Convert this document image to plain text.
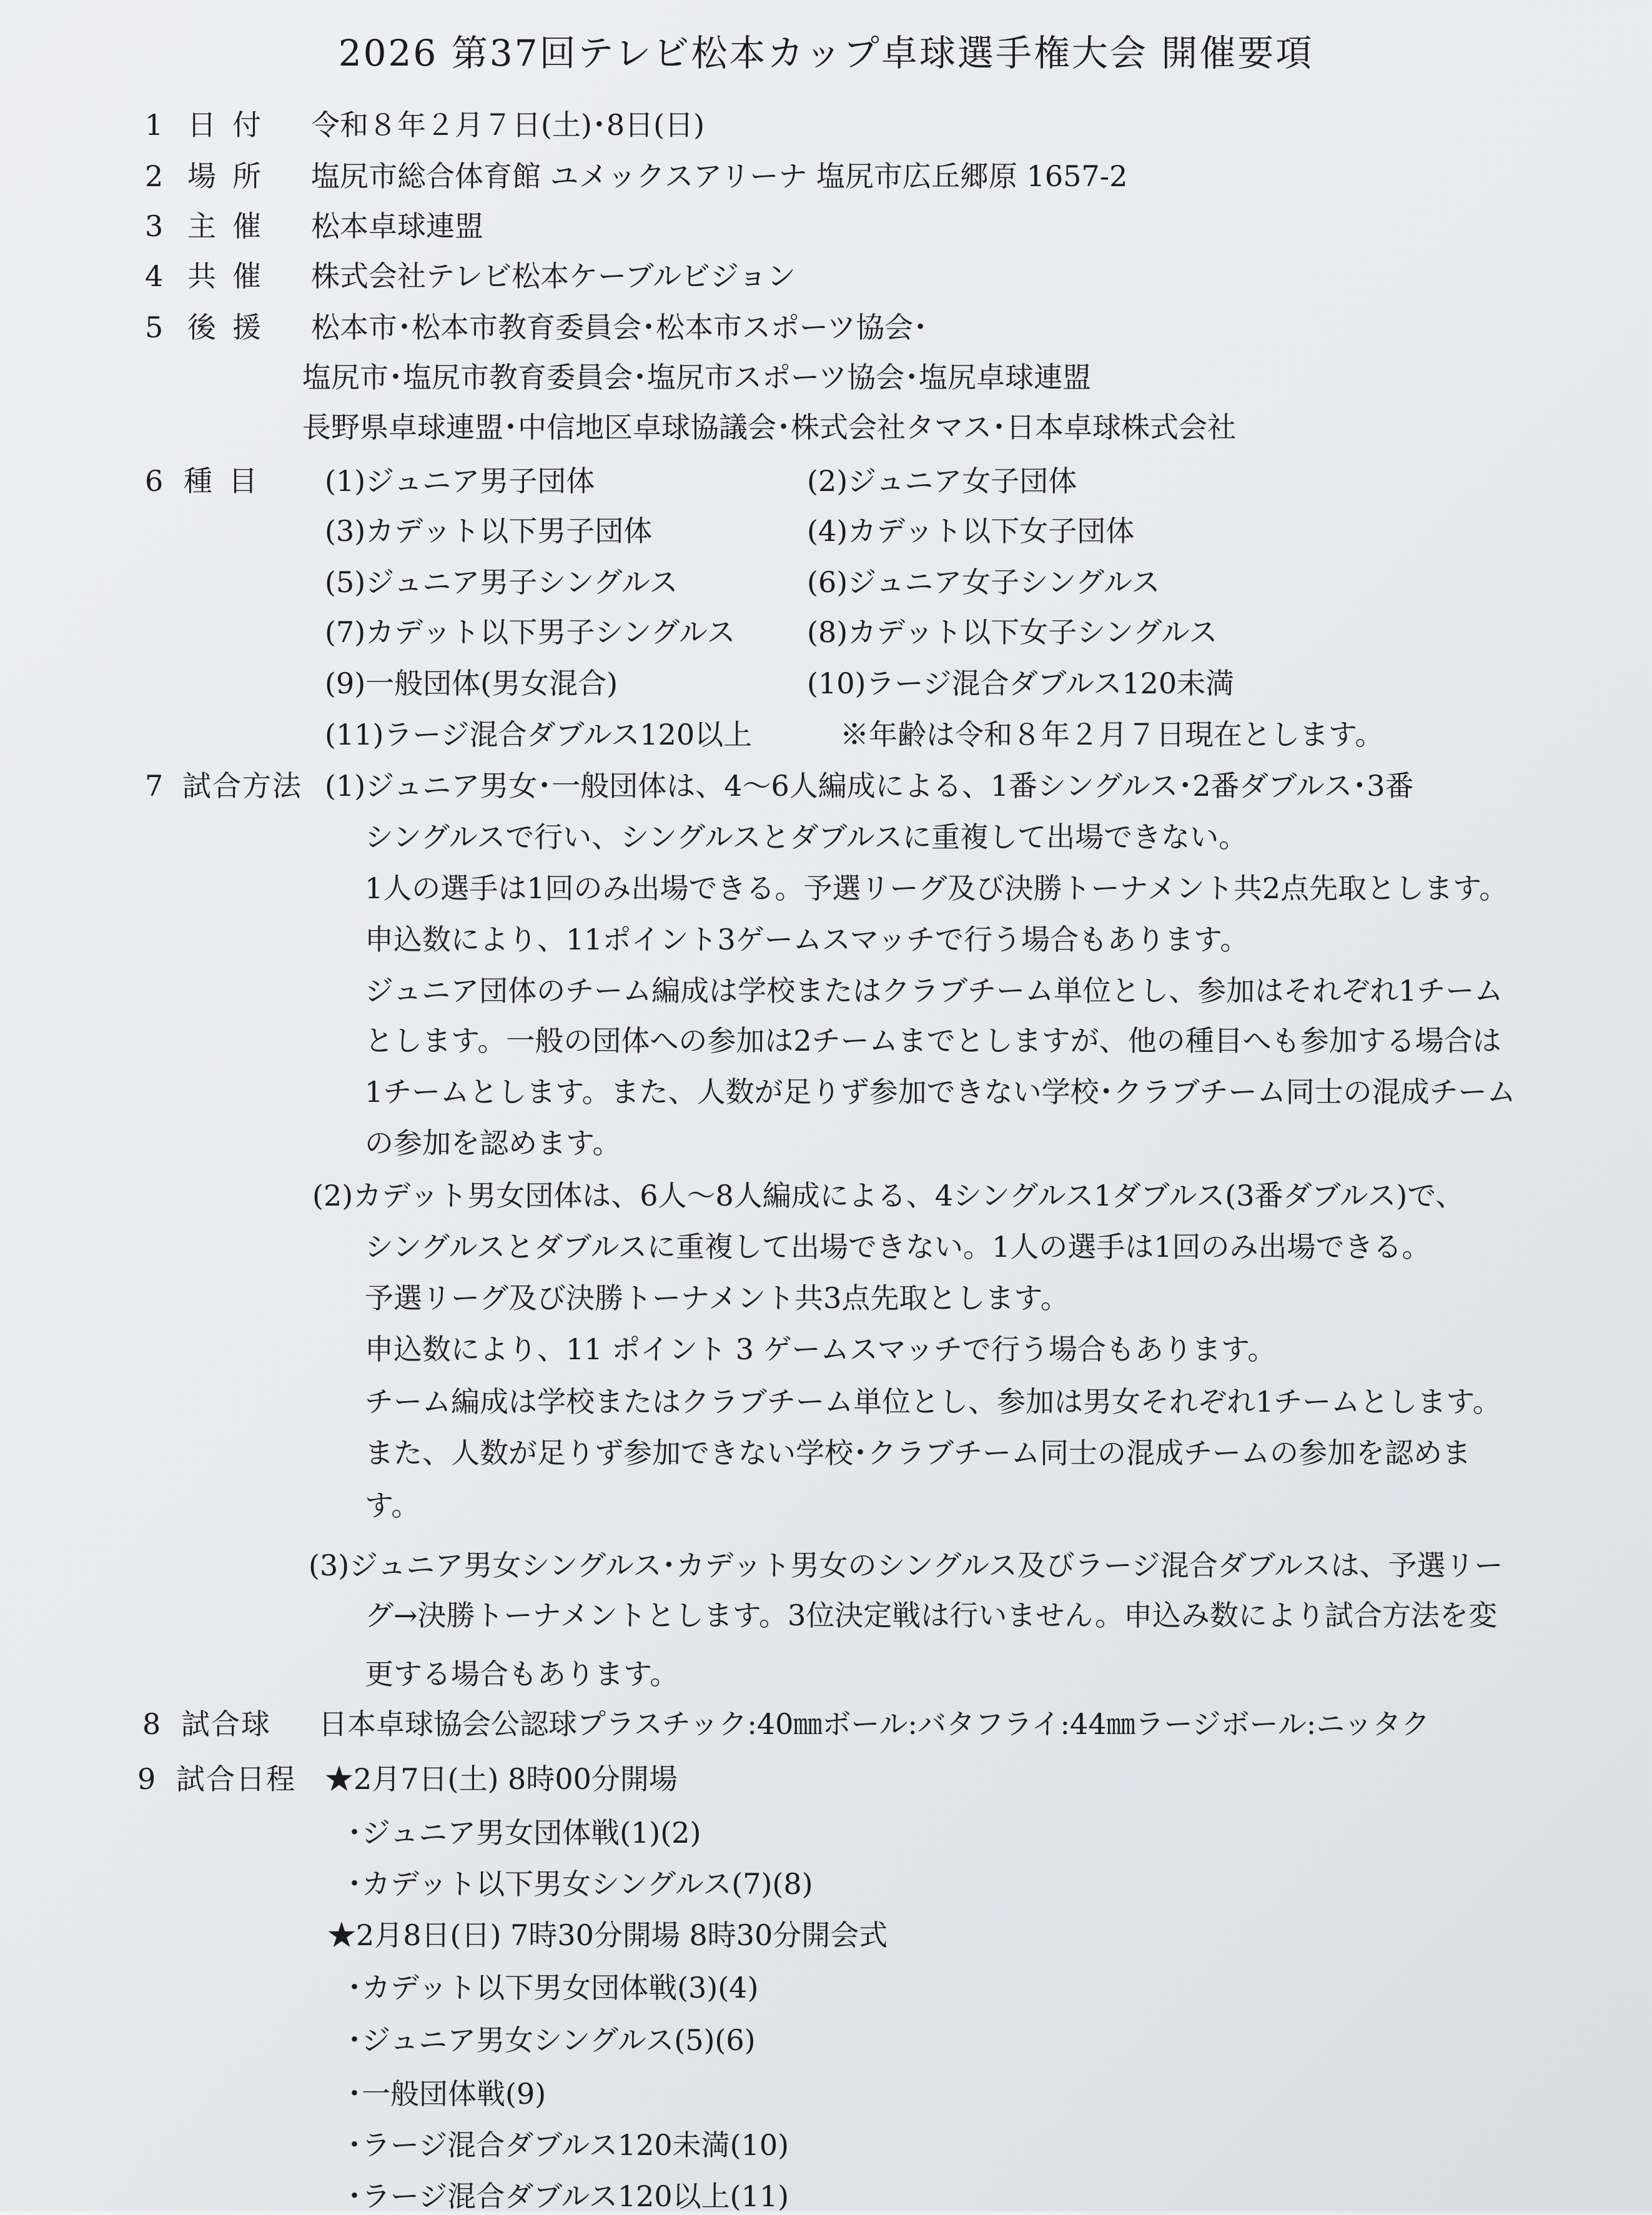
2026 第37回テレビ松本カップ卓球選手権大会 開催要項
1 日付 令和８年２月７日(土)･8日(日)
2 場所 塩尻市総合体育館 ユメックスアリーナ 塩尻市広丘郷原 1657-2
3 主催 松本卓球連盟
4 共催 株式会社テレビ松本ケーブルビジョン
5 後援 松本市･松本市教育委員会･松本市スポーツ協会･
塩尻市･塩尻市教育委員会･塩尻市スポーツ協会･塩尻卓球連盟
長野県卓球連盟･中信地区卓球協議会･株式会社タマス･日本卓球株式会社
6 種目 (1)ジュニア男子団体	(2)ジュニア女子団体
(3)カデット以下男子団体	(4)カデット以下女子団体
(5)ジュニア男子シングルス	(6)ジュニア女子シングルス
(7)カデット以下男子シングルス (8)カデット以下女子シングルス
(9)一般団体(男女混合)	(10)ラージ混合ダブルス120未満
(11)ラージ混合ダブルス120以上	※年齢は令和８年２月７日現在とします。
7 試合方法 (1)ジュニア男女･一般団体は、4～6人編成による、1番シングルス･2番ダブルス･3番
シングルスで行い、シングルスとダブルスに重複して出場できない。
1人の選手は1回のみ出場できる。予選リーグ及び決勝トーナメント共2点先取とします。
申込数により、11ポイント3ゲームスマッチで行う場合もあります。
ジュニア団体のチーム編成は学校またはクラブチーム単位とし、参加はそれぞれ1チーム
とします。一般の団体への参加は2チームまでとしますが、他の種目へも参加する場合は
1チームとします。また、人数が足りず参加できない学校･クラブチーム同士の混成チーム
の参加を認めます。
(2)カデット男女団体は、6人～8人編成による、4シングルス1ダブルス(3番ダブルス)で、
シングルスとダブルスに重複して出場できない。1人の選手は1回のみ出場できる。
予選リーグ及び決勝トーナメント共3点先取とします。
申込数により、11 ポイント 3 ゲームスマッチで行う場合もあります。
チーム編成は学校またはクラブチーム単位とし、参加は男女それぞれ1チームとします。
また、人数が足りず参加できない学校･クラブチーム同士の混成チームの参加を認めま
す。
(3)ジュニア男女シングルス･カデット男女のシングルス及びラージ混合ダブルスは、予選リー
グ→決勝トーナメントとします。3位決定戦は行いません。申込み数により試合方法を変
更する場合もあります。
8 試合球 日本卓球協会公認球プラスチック:40㎜ボール:バタフライ:44㎜ラージボール:ニッタク
9 試合日程 ★2月7日(土) 8時00分開場
･ジュニア男女団体戦(1)(2)
･カデット以下男女シングルス(7)(8)
★2月8日(日) 7時30分開場 8時30分開会式
･カデット以下男女団体戦(3)(4)
･ジュニア男女シングルス(5)(6)
･一般団体戦(9)
･ラージ混合ダブルス120未満(10)
･ラージ混合ダブルス120以上(11)
